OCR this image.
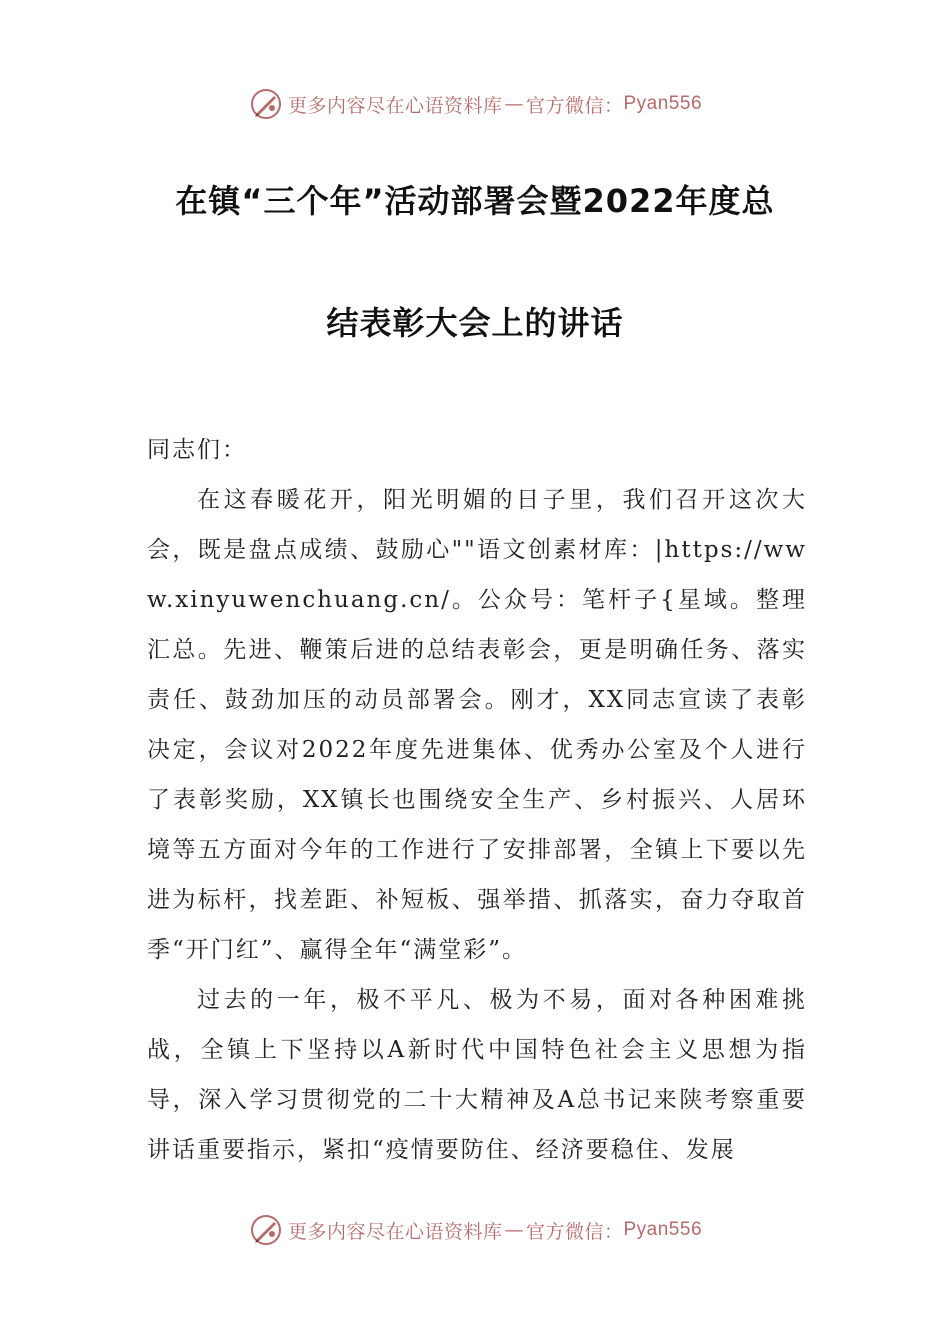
更多内容尽在心语资料库 — 官方微信： Pyan556
在镇“三个年”活动部署会暨2022年度总
结表彰大会上的讲话

同志们：

在这春暖花开，阳光明媚的日子里，我们召开这次大会，既是盘点成绩、鼓励心""语文创素材库：|https://www.xinyuwenchuang.cn/。公众号：笔杆子{星域。整理汇总。先进、鞭策后进的总结表彰会，更是明确任务、落实责任、鼓劲加压的动员部署会。刚才，XX同志宣读了表彰决定，会议对2022年度先进集体、优秀办公室及个人进行了表彰奖励，XX镇长也围绕安全生产、乡村振兴、人居环境等五方面对今年的工作进行了安排部署，全镇上下要以先进为标杆，找差距、补短板、强举措、抓落实，奋力夺取首季“开门红”、赢得全年“满堂彩”。

过去的一年，极不平凡、极为不易，面对各种困难挑战，全镇上下坚持以A新时代中国特色社会主义思想为指导，深入学习贯彻党的二十大精神及A总书记来陕考察重要讲话重要指示，紧扣“疫情要防住、经济要稳住、发展

更多内容尽在心语资料库 — 官方微信： Pyan556
